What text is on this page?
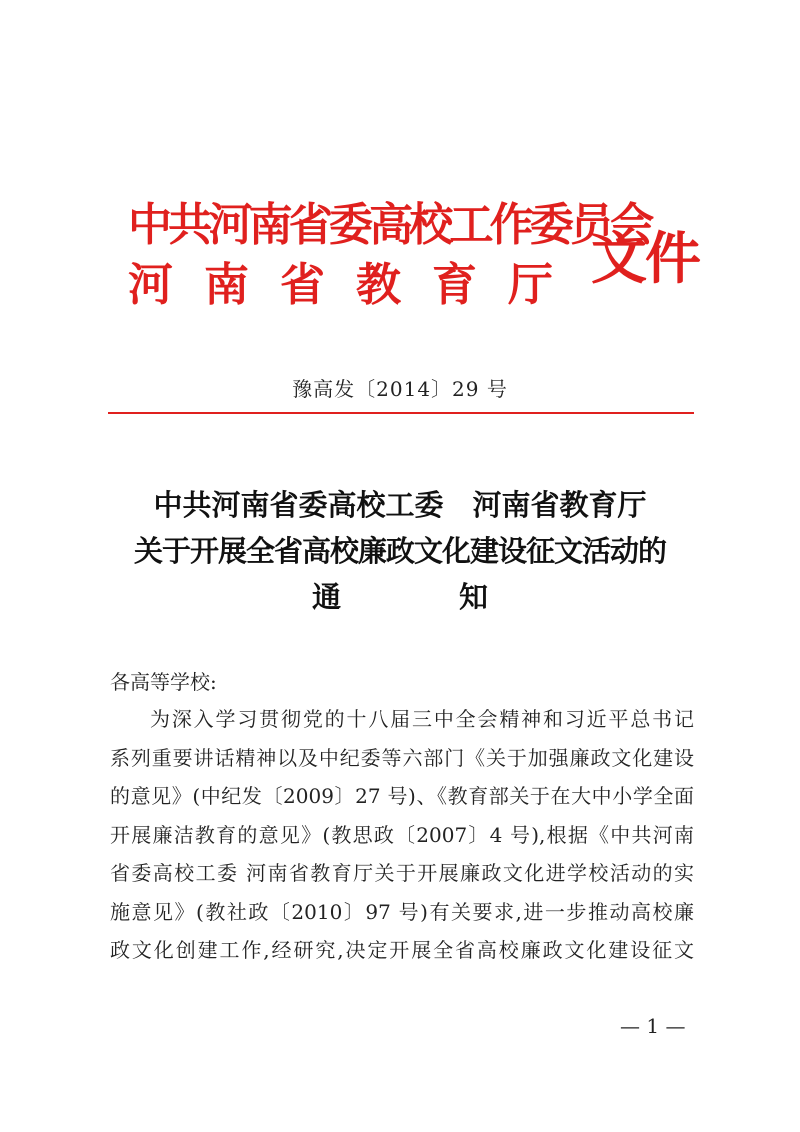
中共河南省委高校工作委员会
河南省教育厅 文件
豫高发〔2014〕29 号
中共河南省委高校工委　河南省教育厅
关于开展全省高校廉政文化建设征文活动的
通知
各高等学校:
为深入学习贯彻党的十八届三中全会精神和习近平总书记
系列重要讲话精神以及中纪委等六部门《关于加强廉政文化建设
的意见》(中纪发〔2009〕27 号)、《教育部关于在大中小学全面
开展廉洁教育的意见》(教思政〔2007〕4 号),根据《中共河南
省委高校工委 河南省教育厅关于开展廉政文化进学校活动的实
施意见》(教社政〔2010〕97 号)有关要求,进一步推动高校廉
政文化创建工作,经研究,决定开展全省高校廉政文化建设征文
— 1 —
